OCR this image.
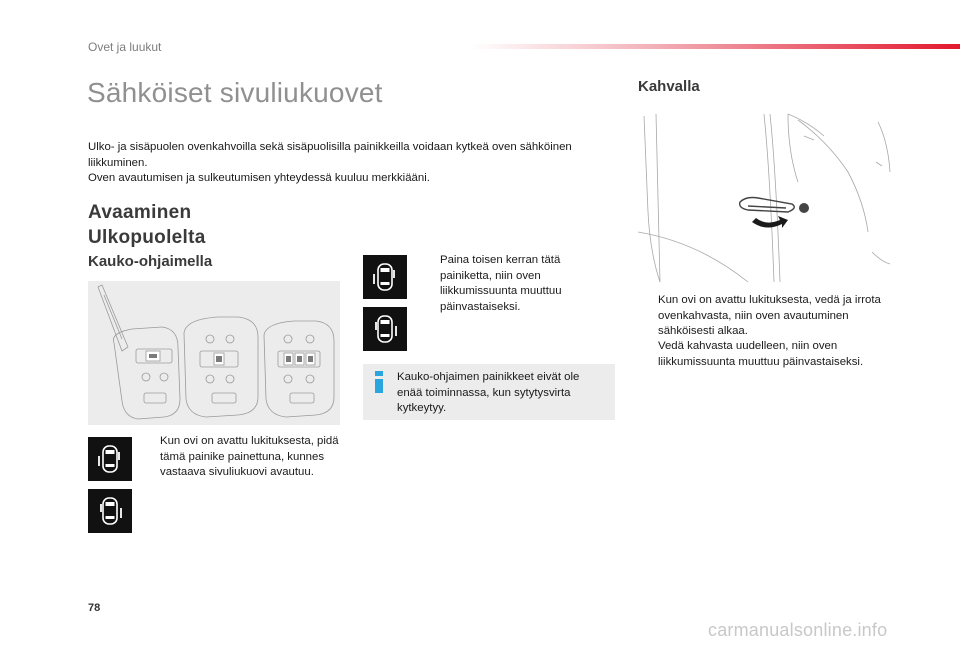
Ovet ja luukut
Sähköiset sivuliukuovet
Ulko- ja sisäpuolen ovenkahvoilla sekä sisäpuolisilla painikkeilla voidaan kytkeä oven sähköinen liikkuminen.
Oven avautumisen ja sulkeutumisen yhteydessä kuuluu merkkiääni.
Avaaminen
Ulkopuolelta
Kauko-ohjaimella
Kahvalla
Kun ovi on avattu lukituksesta, pidä tämä painike painettuna, kunnes vastaava sivuliukuovi avautuu.
Paina toisen kerran tätä painiketta, niin oven liikkumissuunta muuttuu päinvastaiseksi.
Kauko-ohjaimen painikkeet eivät ole enää toiminnassa, kun sytytysvirta kytkeytyy.
Kun ovi on avattu lukituksesta, vedä ja irrota ovenkahvasta, niin oven avautuminen sähköisesti alkaa.
Vedä kahvasta uudelleen, niin oven liikkumissuunta muuttuu päinvastaiseksi.
78
carmanualsonline.info
